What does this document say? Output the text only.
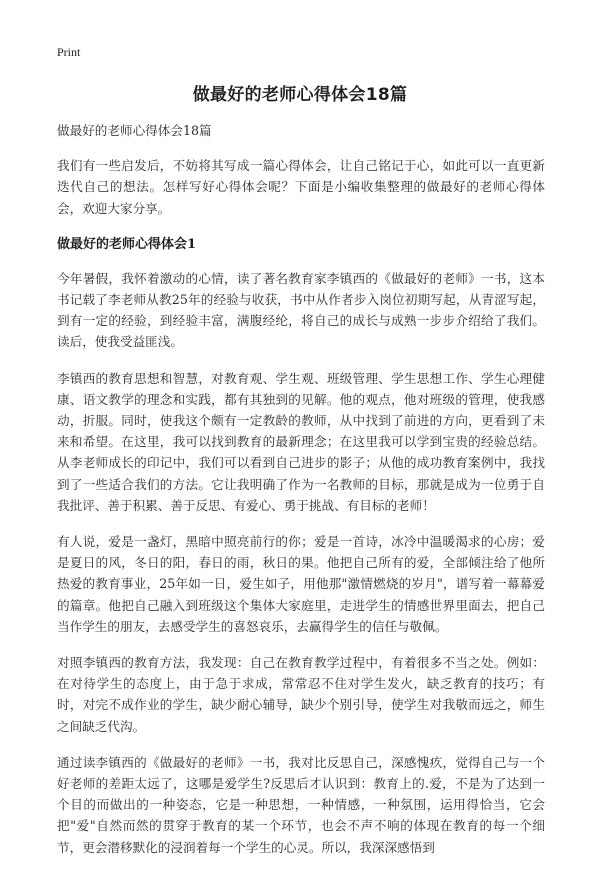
Print
做最好的老师心得体会18篇

做最好的老师心得体会18篇

我们有一些启发后，不妨将其写成一篇心得体会，让自己铭记于心，如此可以一直更新迭代自己的想法。怎样写好心得体会呢？下面是小编收集整理的做最好的老师心得体会，欢迎大家分享。

做最好的老师心得体会1

今年暑假，我怀着激动的心情，读了著名教育家李镇西的《做最好的老师》一书，这本书记载了李老师从教25年的经验与收获，书中从作者步入岗位初期写起，从青涩写起，到有一定的经验，到经验丰富，满腹经纶，将自己的成长与成熟一步步介绍给了我们。读后，使我受益匪浅。

李镇西的教育思想和智慧，对教育观、学生观、班级管理、学生思想工作、学生心理健康、语文教学的理念和实践，都有其独到的见解。他的观点，他对班级的管理，使我感动，折服。同时，使我这个颇有一定教龄的教师，从中找到了前进的方向，更看到了未来和希望。在这里，我可以找到教育的最新理念；在这里我可以学到宝贵的经验总结。从李老师成长的印记中，我们可以看到自己进步的影子；从他的成功教育案例中，我找到了一些适合我们的方法。它让我明确了作为一名教师的目标，那就是成为一位勇于自我批评、善于积累、善于反思、有爱心、勇于挑战、有目标的老师！

有人说，爱是一盏灯，黑暗中照亮前行的你；爱是一首诗，冰冷中温暖渴求的心房；爱是夏日的风，冬日的阳，春日的雨，秋日的果。他把自己所有的爱，全部倾注给了他所热爱的教育事业，25年如一日，爱生如子，用他那"激情燃烧的岁月"，谱写着一幕幕爱的篇章。他把自己融入到班级这个集体大家庭里，走进学生的情感世界里面去，把自己当作学生的朋友，去感受学生的喜怒哀乐，去赢得学生的信任与敬佩。

对照李镇西的教育方法，我发现：自己在教育教学过程中，有着很多不当之处。例如：在对待学生的态度上，由于急于求成，常常忍不住对学生发火，缺乏教育的技巧；有时，对完不成作业的学生，缺少耐心辅导，缺少个别引导，使学生对我敬而远之，师生之间缺乏代沟。

通过读李镇西的《做最好的老师》一书，我对比反思自己，深感愧疚，觉得自己与一个好老师的差距太远了，这哪是爱学生?反思后才认识到：教育上的.爱，不是为了达到一个目的而做出的一种姿态，它是一种思想，一种情感，一种氛围，运用得恰当，它会把"爱"自然而然的贯穿于教育的某一个环节，也会不声不响的体现在教育的每一个细节，更会潜移默化的浸润着每一个学生的心灵。所以，我深深感悟到
